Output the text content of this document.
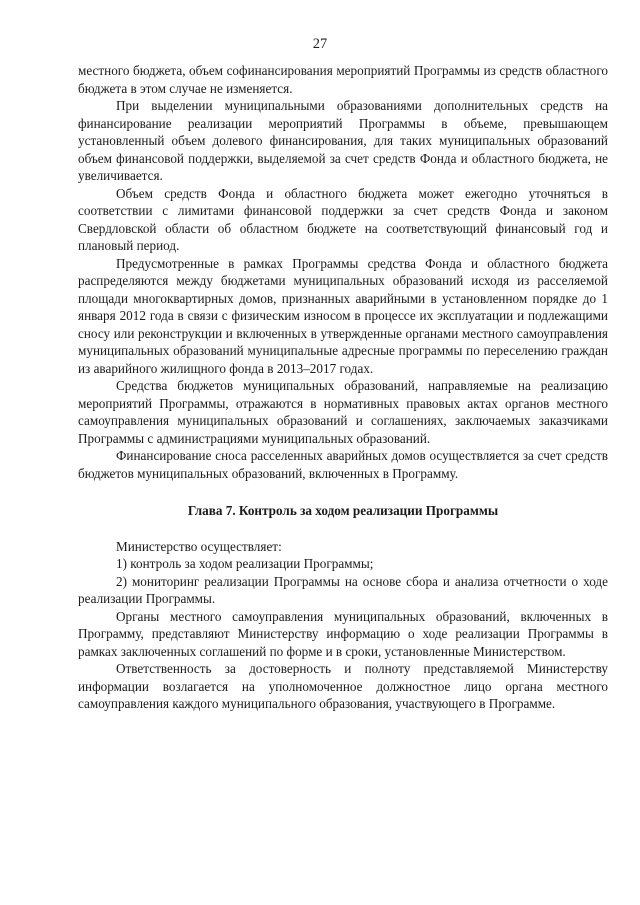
27

местного бюджета, объем софинансирования мероприятий Программы из средств областного бюджета в этом случае не изменяется.

При выделении муниципальными образованиями дополнительных средств на финансирование реализации мероприятий Программы в объеме, превышающем установленный объем долевого финансирования, для таких муниципальных образований объем финансовой поддержки, выделяемой за счет средств Фонда и областного бюджета, не увеличивается.

Объем средств Фонда и областного бюджета может ежегодно уточняться в соответствии с лимитами финансовой поддержки за счет средств Фонда и законом Свердловской области об областном бюджете на соответствующий финансовый год и плановый период.

Предусмотренные в рамках Программы средства Фонда и областного бюджета распределяются между бюджетами муниципальных образований исходя из расселяемой площади многоквартирных домов, признанных аварийными в установленном порядке до 1 января 2012 года в связи с физическим износом в процессе их эксплуатации и подлежащими сносу или реконструкции и включенных в утвержденные органами местного самоуправления муниципальных образований муниципальные адресные программы по переселению граждан из аварийного жилищного фонда в 2013–2017 годах.

Средства бюджетов муниципальных образований, направляемые на реализацию мероприятий Программы, отражаются в нормативных правовых актах органов местного самоуправления муниципальных образований и соглашениях, заключаемых заказчиками Программы с администрациями муниципальных образований.

Финансирование сноса расселенных аварийных домов осуществляется за счет средств бюджетов муниципальных образований, включенных в Программу.

Глава 7. Контроль за ходом реализации Программы

Министерство осуществляет:

1) контроль за ходом реализации Программы;

2) мониторинг реализации Программы на основе сбора и анализа отчетности о ходе реализации Программы.

Органы местного самоуправления муниципальных образований, включенных в Программу, представляют Министерству информацию о ходе реализации Программы в рамках заключенных соглашений по форме и в сроки, установленные Министерством.

Ответственность за достоверность и полноту представляемой Министерству информации возлагается на уполномоченное должностное лицо органа местного самоуправления каждого муниципального образования, участвующего в Программе.
